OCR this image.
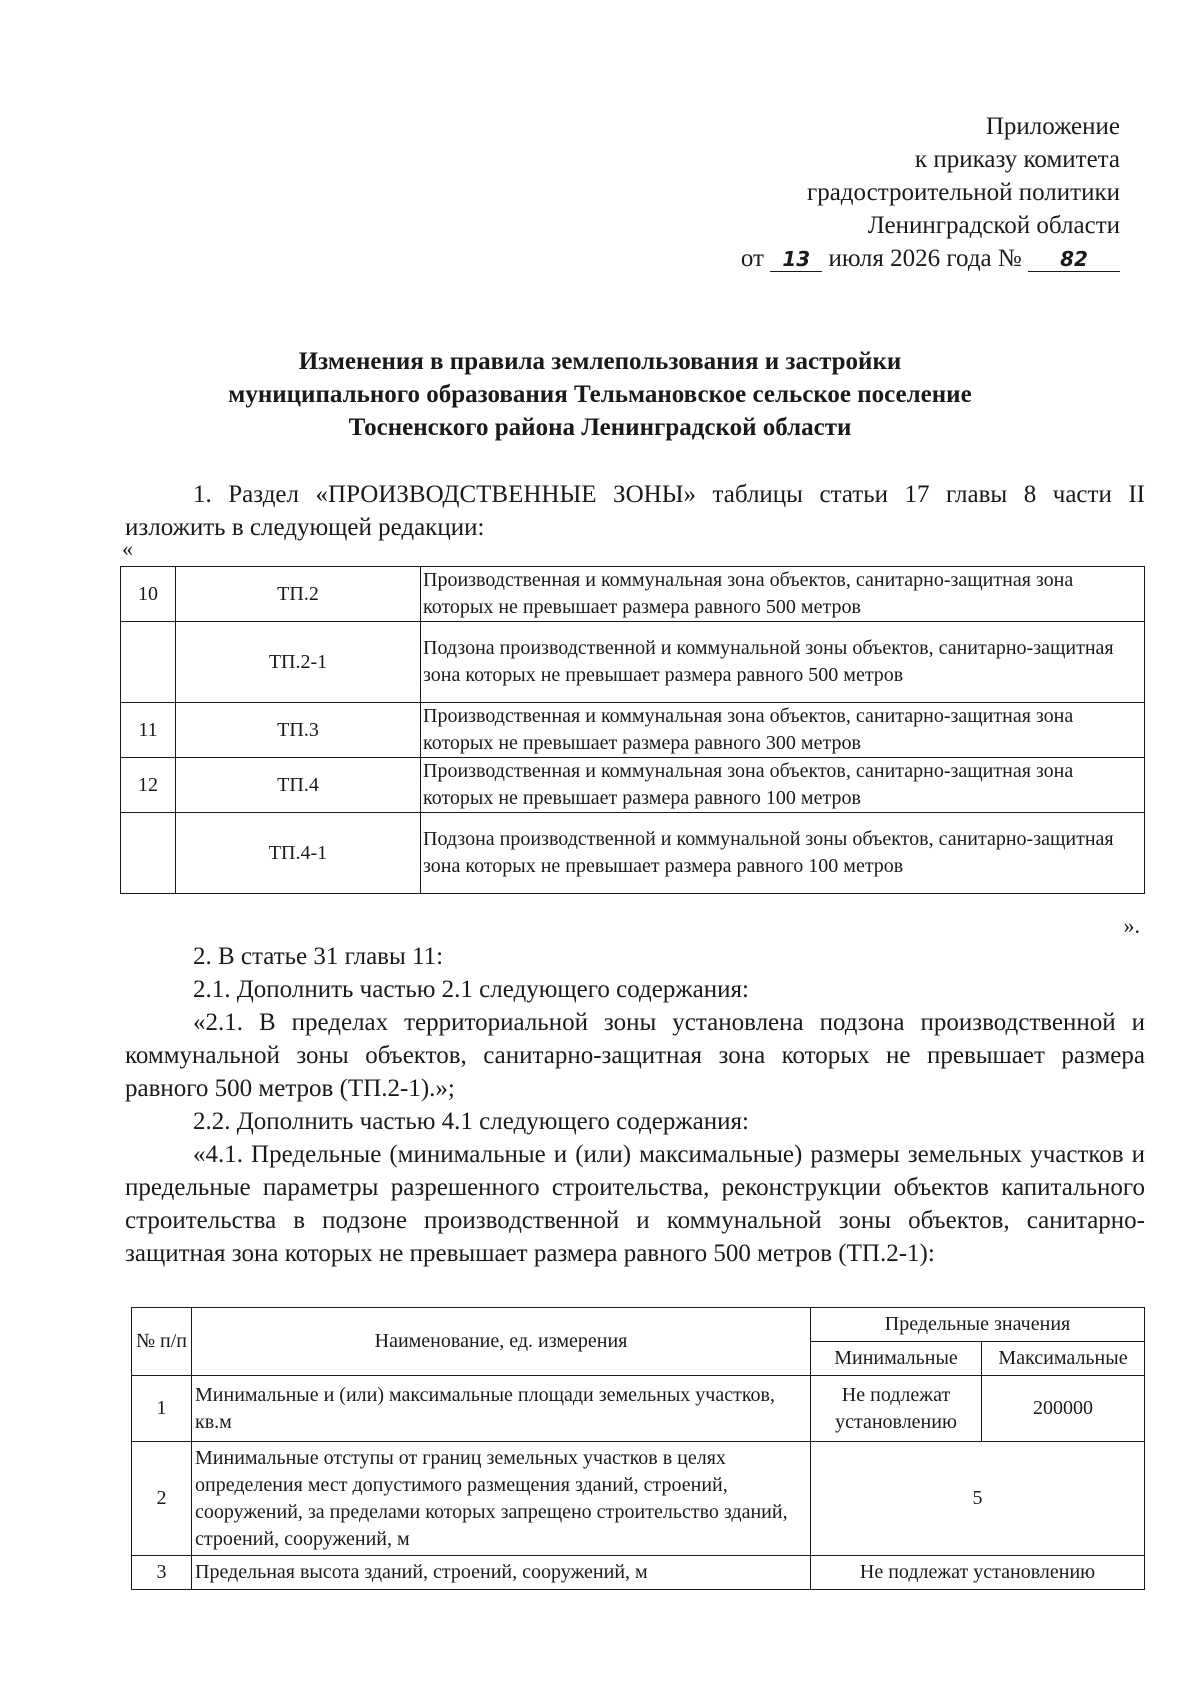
Приложение
к приказу комитета
градостроительной политики
Ленинградской области
от 13 июля 2026 года № 82
Изменения в правила землепользования и застройки
муниципального образования Тельмановское сельское поселение
Тосненского района Ленинградской области
1. Раздел «ПРОИЗВОДСТВЕННЫЕ ЗОНЫ» таблицы статьи 17 главы 8 части II изложить в следующей редакции:
«
10	ТП.2	Производственная и коммунальная зона объектов, санитарно-защитная зона которых не превышает размера равного 500 метров
	ТП.2-1	Подзона производственной и коммунальной зоны объектов, санитарно-защитная зона которых не превышает размера равного 500 метров
11	ТП.3	Производственная и коммунальная зона объектов, санитарно-защитная зона которых не превышает размера равного 300 метров
12	ТП.4	Производственная и коммунальная зона объектов, санитарно-защитная зона которых не превышает размера равного 100 метров
	ТП.4-1	Подзона производственной и коммунальной зоны объектов, санитарно-защитная зона которых не превышает размера равного 100 метров
».
2. В статье 31 главы 11:
2.1. Дополнить частью 2.1 следующего содержания:
«2.1. В пределах территориальной зоны установлена подзона производственной и коммунальной зоны объектов, санитарно-защитная зона которых не превышает размера равного 500 метров (ТП.2-1).»;
2.2. Дополнить частью 4.1 следующего содержания:
«4.1. Предельные (минимальные и (или) максимальные) размеры земельных участков и предельные параметры разрешенного строительства, реконструкции объектов капитального строительства в подзоне производственной и коммунальной зоны объектов, санитарно-защитная зона которых не превышает размера равного 500 метров (ТП.2-1):
№ п/п	Наименование, ед. измерения	Предельные значения	
		Минимальные	Максимальные
1	Минимальные и (или) максимальные площади земельных участков, кв.м	Не подлежат установлению	200000
2	Минимальные отступы от границ земельных участков в целях определения мест допустимого размещения зданий, строений, сооружений, за пределами которых запрещено строительство зданий, строений, сооружений, м	5	
3	Предельная высота зданий, строений, сооружений, м	Не подлежат установлению	
